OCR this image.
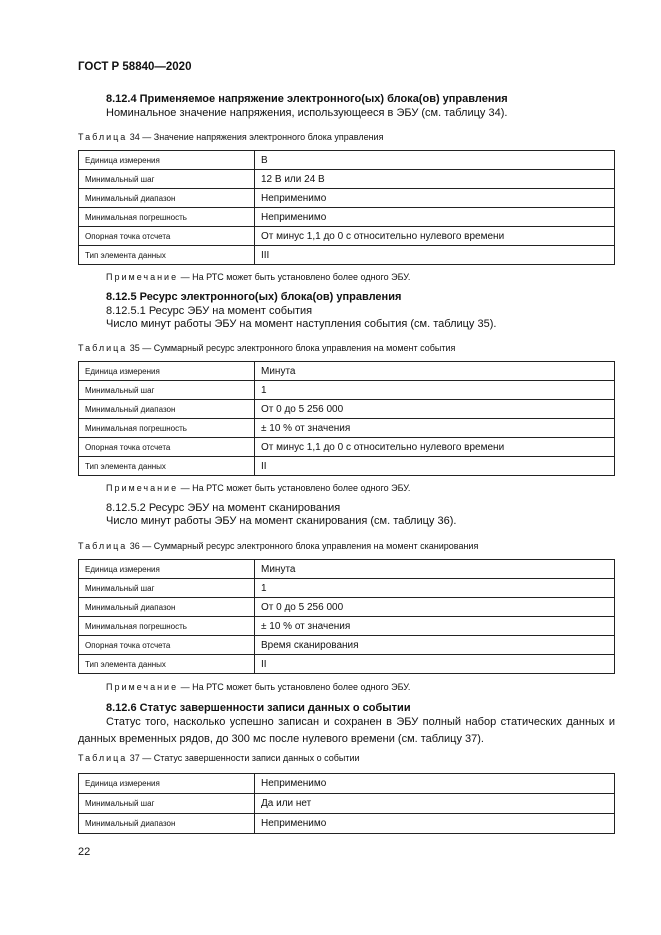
ГОСТ Р 58840—2020
8.12.4 Применяемое напряжение электронного(ых) блока(ов) управления
Номинальное значение напряжения, использующееся в ЭБУ (см. таблицу 34).
Таблица 34 — Значение напряжения электронного блока управления
Единица измерения	В
Минимальный шаг	12 В или 24 В
Минимальный диапазон	Неприменимо
Минимальная погрешность	Неприменимо
Опорная точка отсчета	От минус 1,1 до 0 с относительно нулевого времени
Тип элемента данных	III
Примечание — На РТС может быть установлено более одного ЭБУ.
8.12.5 Ресурс электронного(ых) блока(ов) управления
8.12.5.1 Ресурс ЭБУ на момент события
Число минут работы ЭБУ на момент наступления события (см. таблицу 35).
Таблица 35 — Суммарный ресурс электронного блока управления на момент события
Единица измерения	Минута
Минимальный шаг	1
Минимальный диапазон	От 0 до 5 256 000
Минимальная погрешность	± 10 % от значения
Опорная точка отсчета	От минус 1,1 до 0 с относительно нулевого времени
Тип элемента данных	II
Примечание — На РТС может быть установлено более одного ЭБУ.
8.12.5.2 Ресурс ЭБУ на момент сканирования
Число минут работы ЭБУ на момент сканирования (см. таблицу 36).
Таблица 36 — Суммарный ресурс электронного блока управления на момент сканирования
Единица измерения	Минута
Минимальный шаг	1
Минимальный диапазон	От 0 до 5 256 000
Минимальная погрешность	± 10 % от значения
Опорная точка отсчета	Время сканирования
Тип элемента данных	II
Примечание — На РТС может быть установлено более одного ЭБУ.
8.12.6 Статус завершенности записи данных о событии
Статус того, насколько успешно записан и сохранен в ЭБУ полный набор статических данных и данных временных рядов, до 300 мс после нулевого времени (см. таблицу 37).
Таблица 37 — Статус завершенности записи данных о событии
Единица измерения	Неприменимо
Минимальный шаг	Да или нет
Минимальный диапазон	Неприменимо
22
